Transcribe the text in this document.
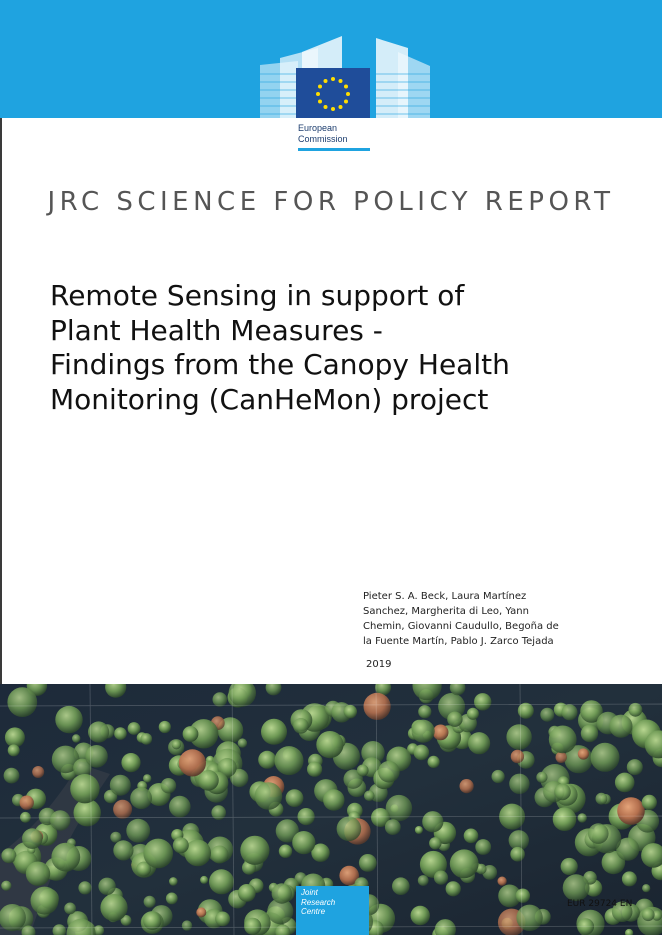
European
Commission
JRC SCIENCE FOR POLICY REPORT
Remote Sensing in support of
Plant Health Measures -
Findings from the Canopy Health
Monitoring (CanHeMon) project
Pieter S. A. Beck, Laura Martínez
Sanchez, Margherita di Leo, Yann
Chemin, Giovanni Caudullo, Begoña de
la Fuente Martín, Pablo J. Zarco Tejada
2019
Joint
Research
Centre
EUR 29724 EN
